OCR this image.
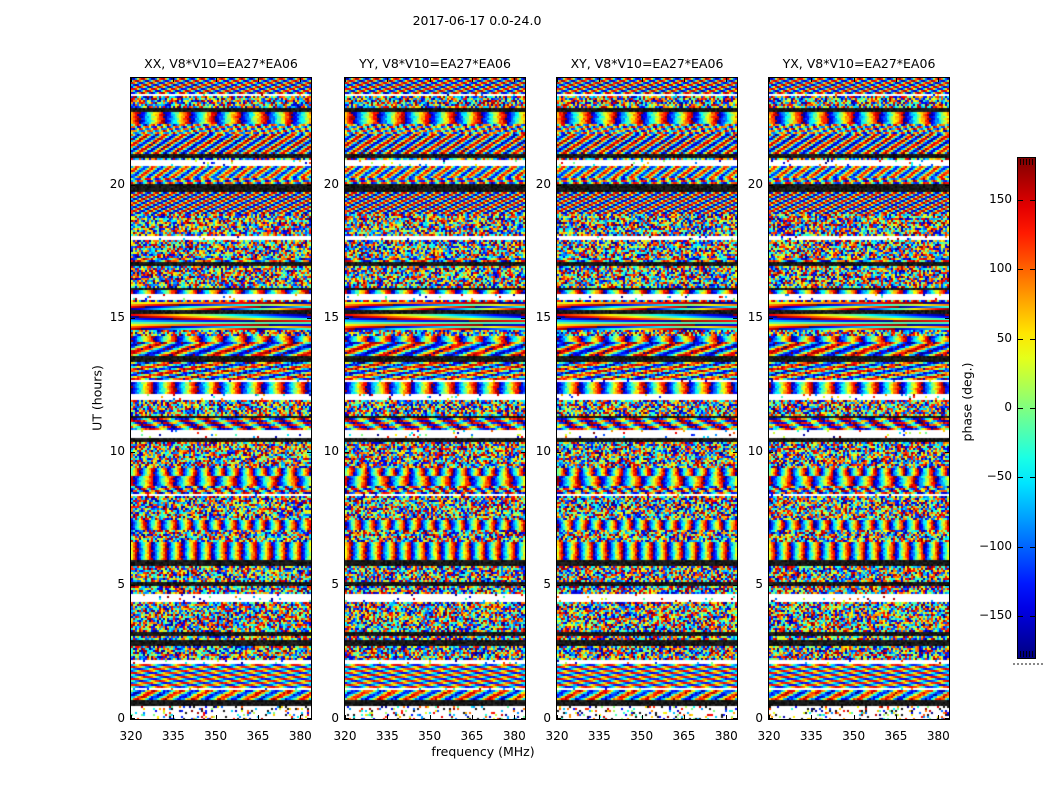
2017-06-17 0.0-24.0
UT (hours)
frequency (MHz)
phase (deg.)
XX, V8*V10=EA27*EA06
320 335 350 365 380
0
5
10
15
20
YY, V8*V10=EA27*EA06
320 335 350 365 380
0
5
10
15
20
XY, V8*V10=EA27*EA06
320 335 350 365 380
0
5
10
15
20
YX, V8*V10=EA27*EA06
320 335 350 365 380
0
5
10
15
20
150
100
50
0
−50
−100
−150
